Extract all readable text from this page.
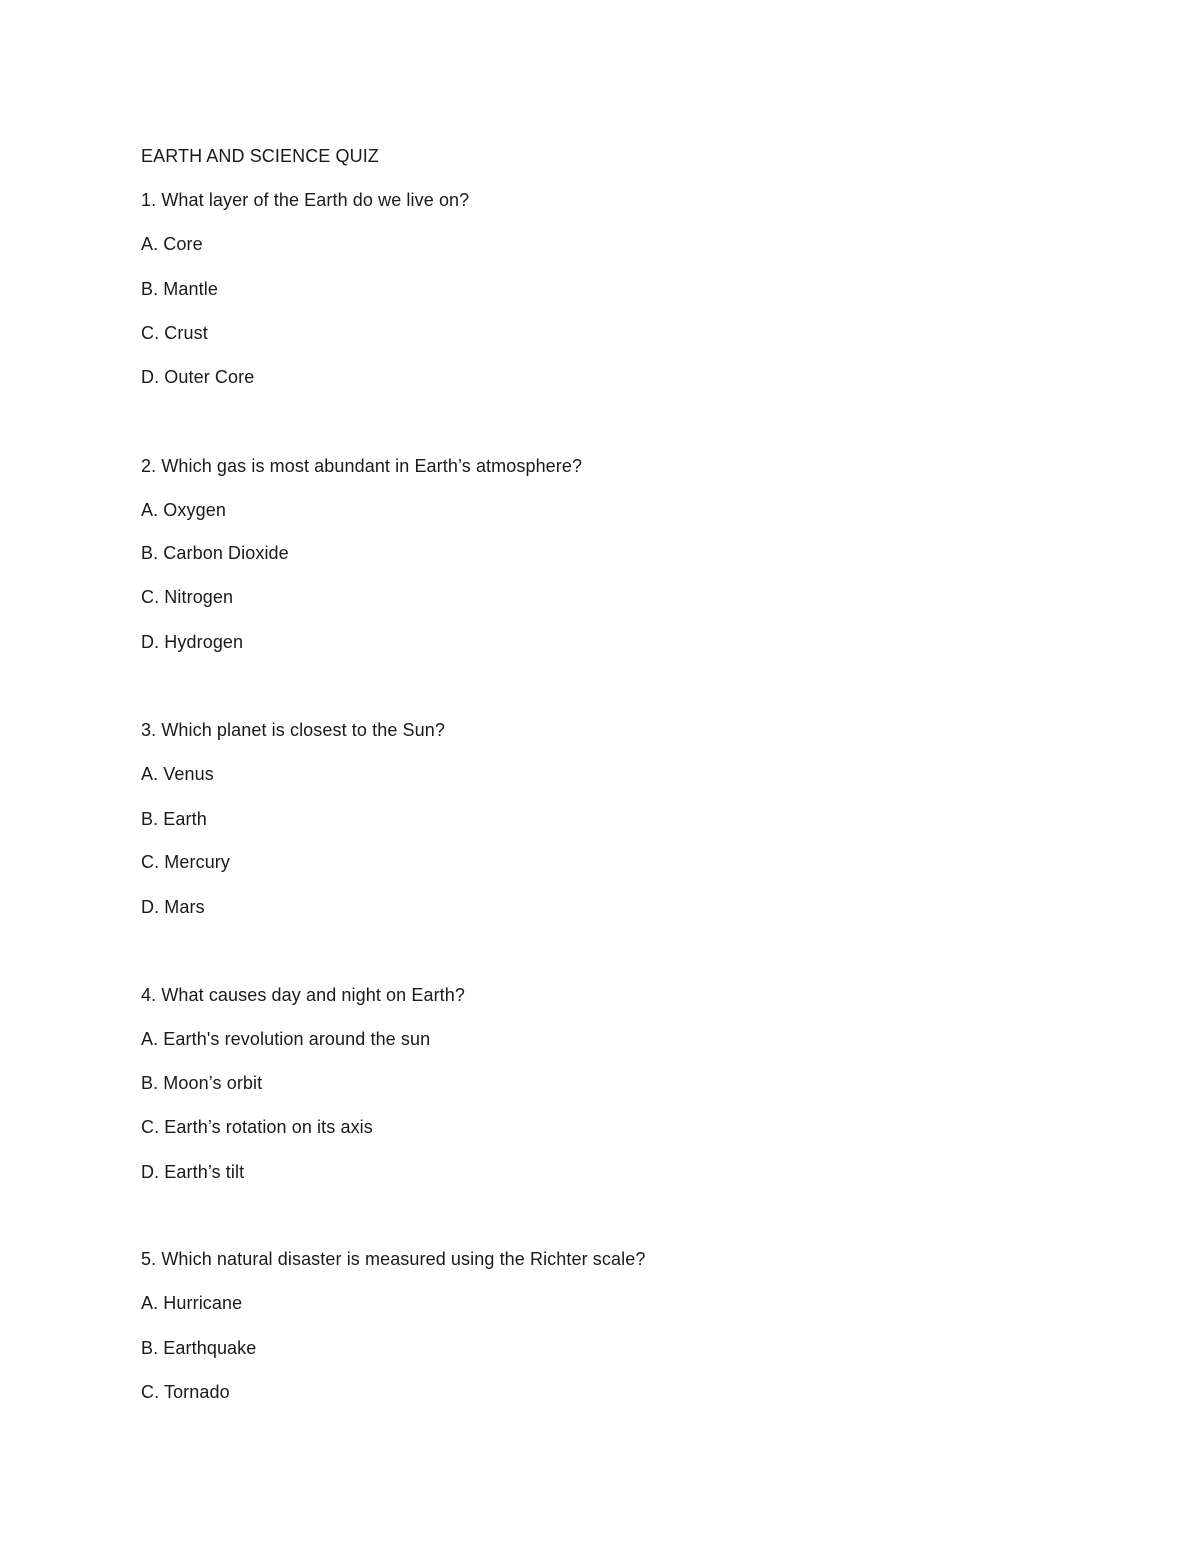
EARTH AND SCIENCE QUIZ
1. What layer of the Earth do we live on?
A. Core
B. Mantle
C. Crust
D. Outer Core
2. Which gas is most abundant in Earth’s atmosphere?
A. Oxygen
B. Carbon Dioxide
C. Nitrogen
D. Hydrogen
3. Which planet is closest to the Sun?
A. Venus
B. Earth
C. Mercury
D. Mars
4. What causes day and night on Earth?
A. Earth's revolution around the sun
B. Moon’s orbit
C. Earth’s rotation on its axis
D. Earth’s tilt
5. Which natural disaster is measured using the Richter scale?
A. Hurricane
B. Earthquake
C. Tornado
